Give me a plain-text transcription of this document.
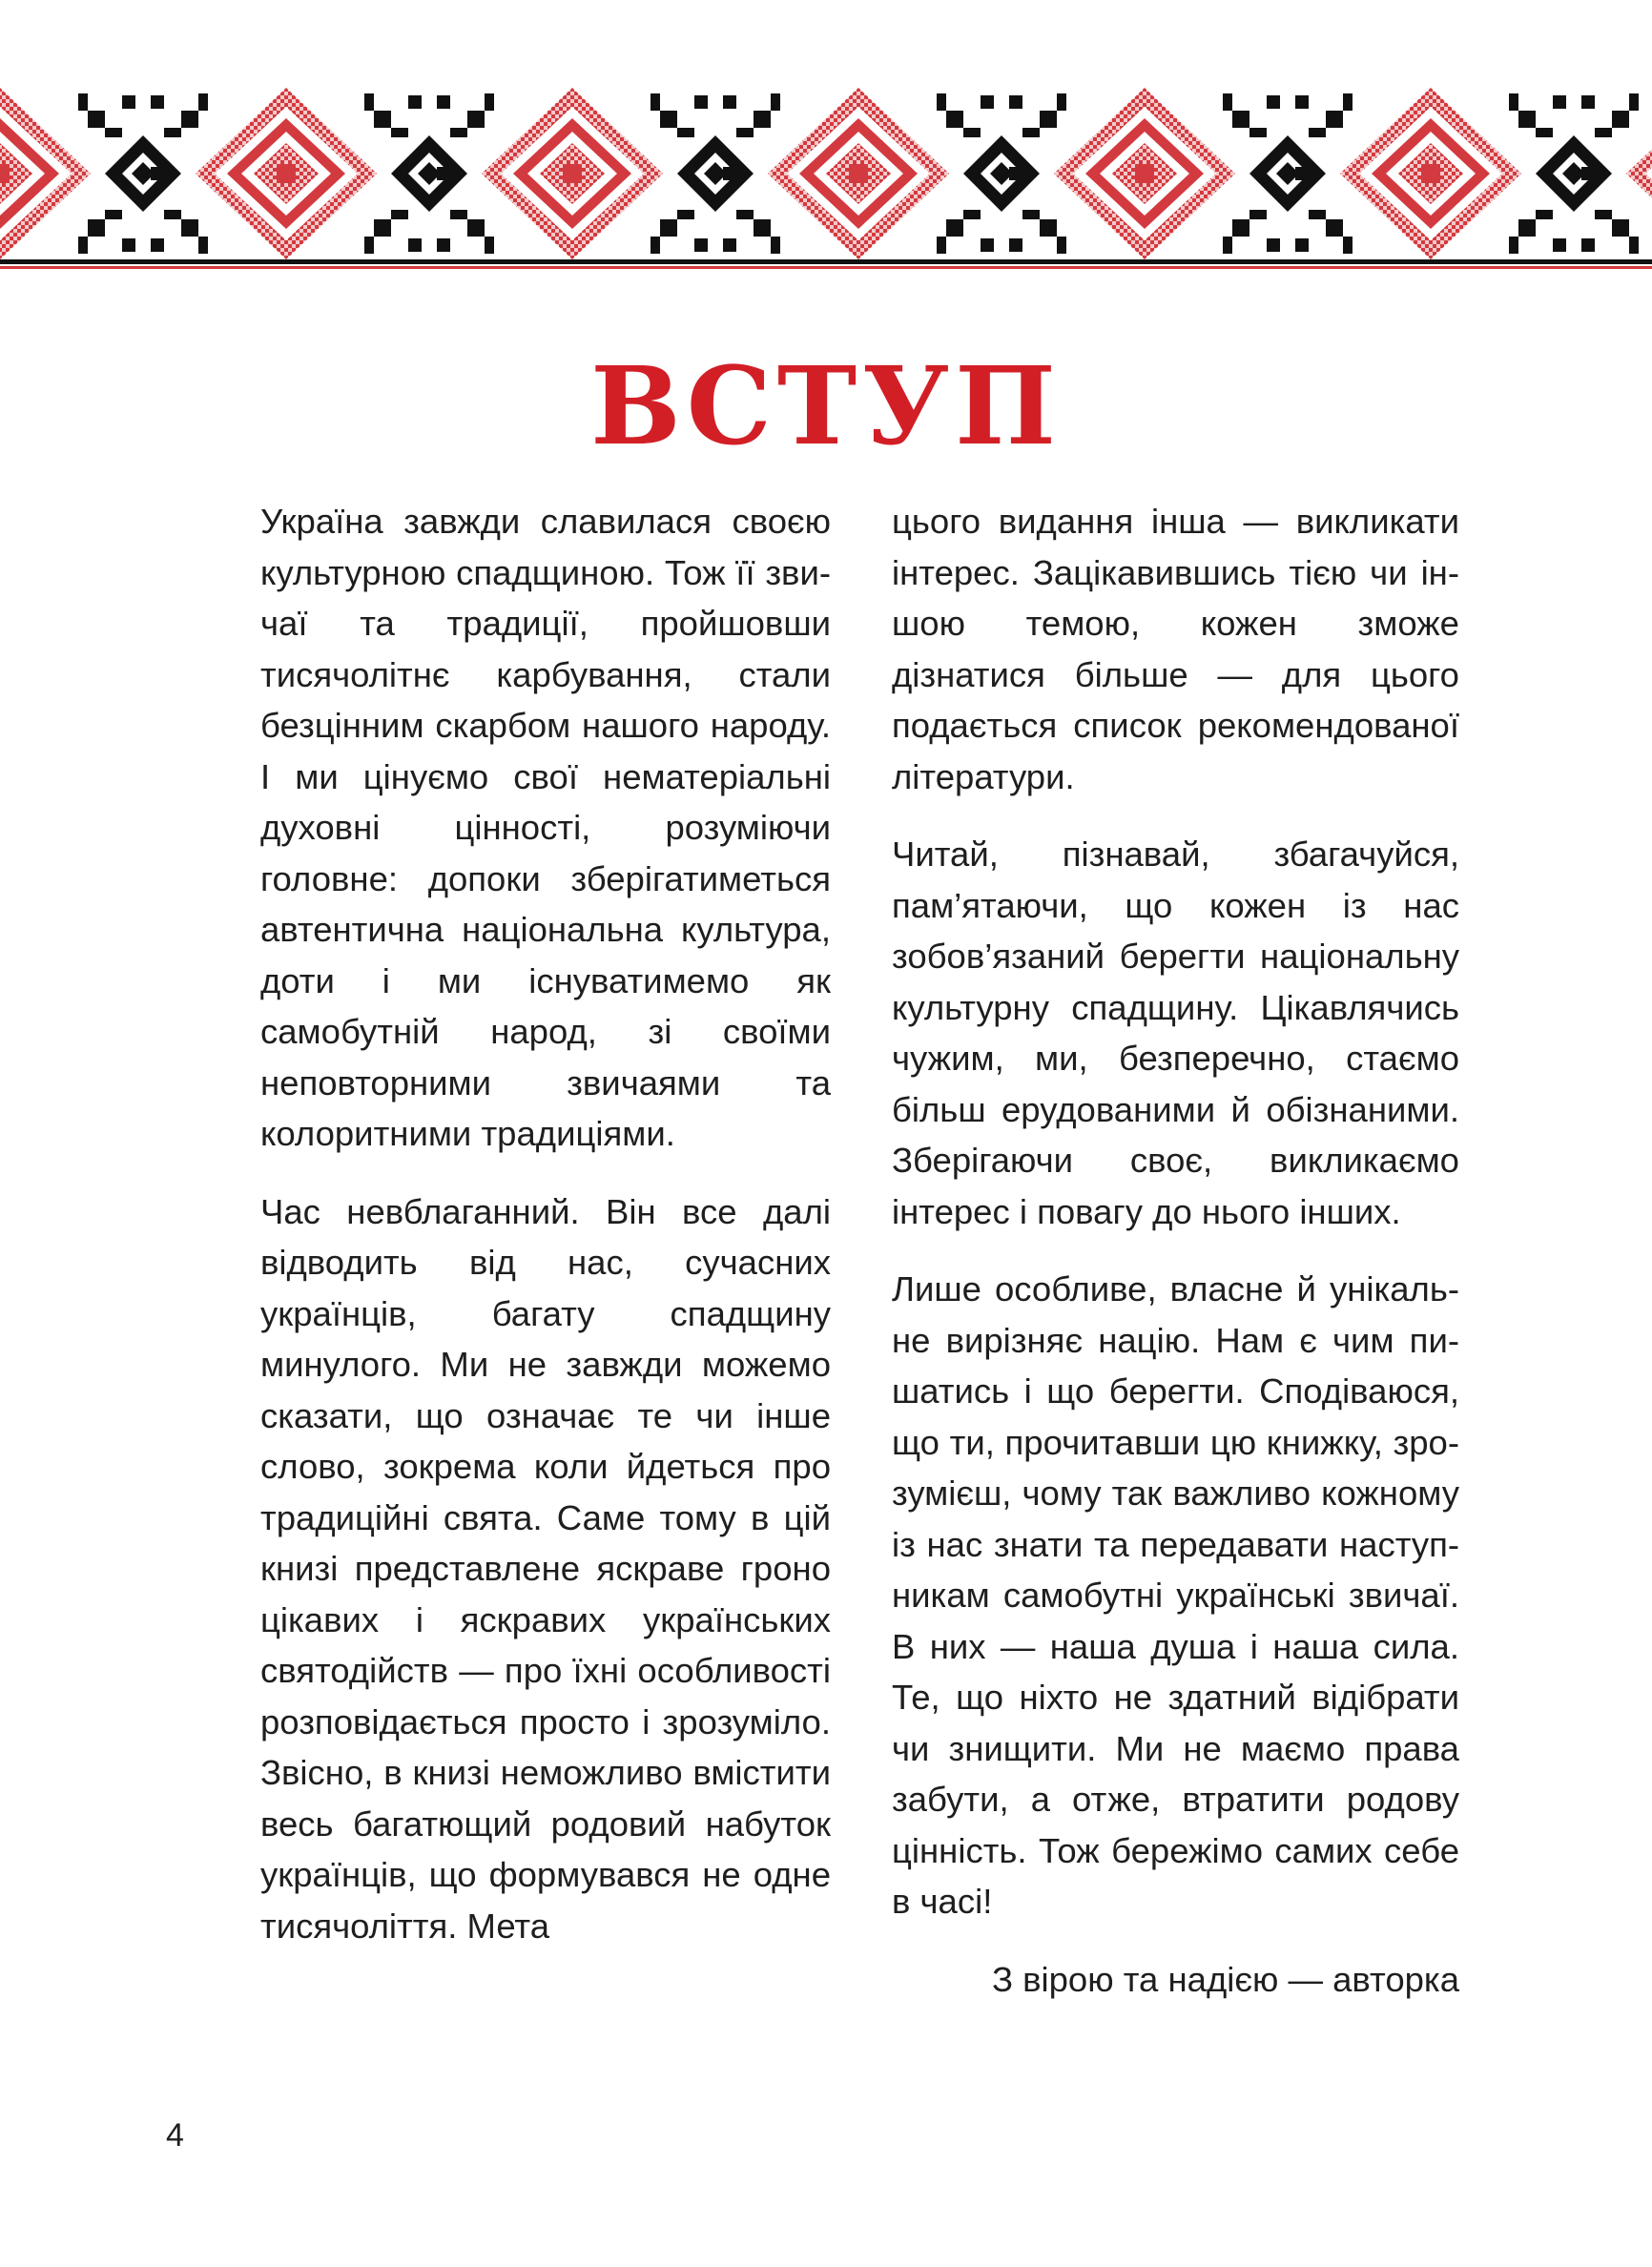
ВСТУП

Україна завжди славилася своєю культурною спадщиною. Тож її звичаї та традиції, пройшовши тисячолітнє карбування, стали безцінним скарбом нашого народу. І ми цінуємо свої нематеріальні духовні цінності, розуміючи головне: допоки зберігатиметься автентична національна культура, доти і ми існуватимемо як самобутній народ, зі своїми неповторними звичаями та колоритними традиціями.

Час невблаганний. Він все далі відводить від нас, сучасних українців, багату спадщину минулого. Ми не завжди можемо сказати, що означає те чи інше слово, зокрема коли йдеться про традиційні свята. Саме тому в цій книзі представлене яскраве гроно цікавих і яскравих українських святодійств — про їхні особливості розповідається просто і зрозуміло. Звісно, в книзі неможливо вмістити весь багатющий родовий набуток українців, що формувався не одне тисячоліття. Мета

цього видання інша — викликати інтерес. Зацікавившись тією чи іншою темою, кожен зможе дізнатися більше — для цього подається список рекомендованої літератури.

Читай, пізнавай, збагачуйся, пам’ятаючи, що кожен із нас зобов’язаний берегти національну культурну спадщину. Цікавлячись чужим, ми, безперечно, стаємо більш ерудованими й обізнаними. Зберігаючи своє, викликаємо інтерес і повагу до нього інших.

Лише особливе, власне й унікальне вирізняє націю. Нам є чим пишатись і що берегти. Сподіваюся, що ти, прочитавши цю книжку, зрозумієш, чому так важливо кожному із нас знати та передавати наступникам самобутні українські звичаї. В них — наша душа і наша сила. Те, що ніхто не здатний відібрати чи знищити. Ми не маємо права забути, а отже, втратити родову цінність. Тож бережімо самих себе в часі!

З вірою та надією — авторка

4
